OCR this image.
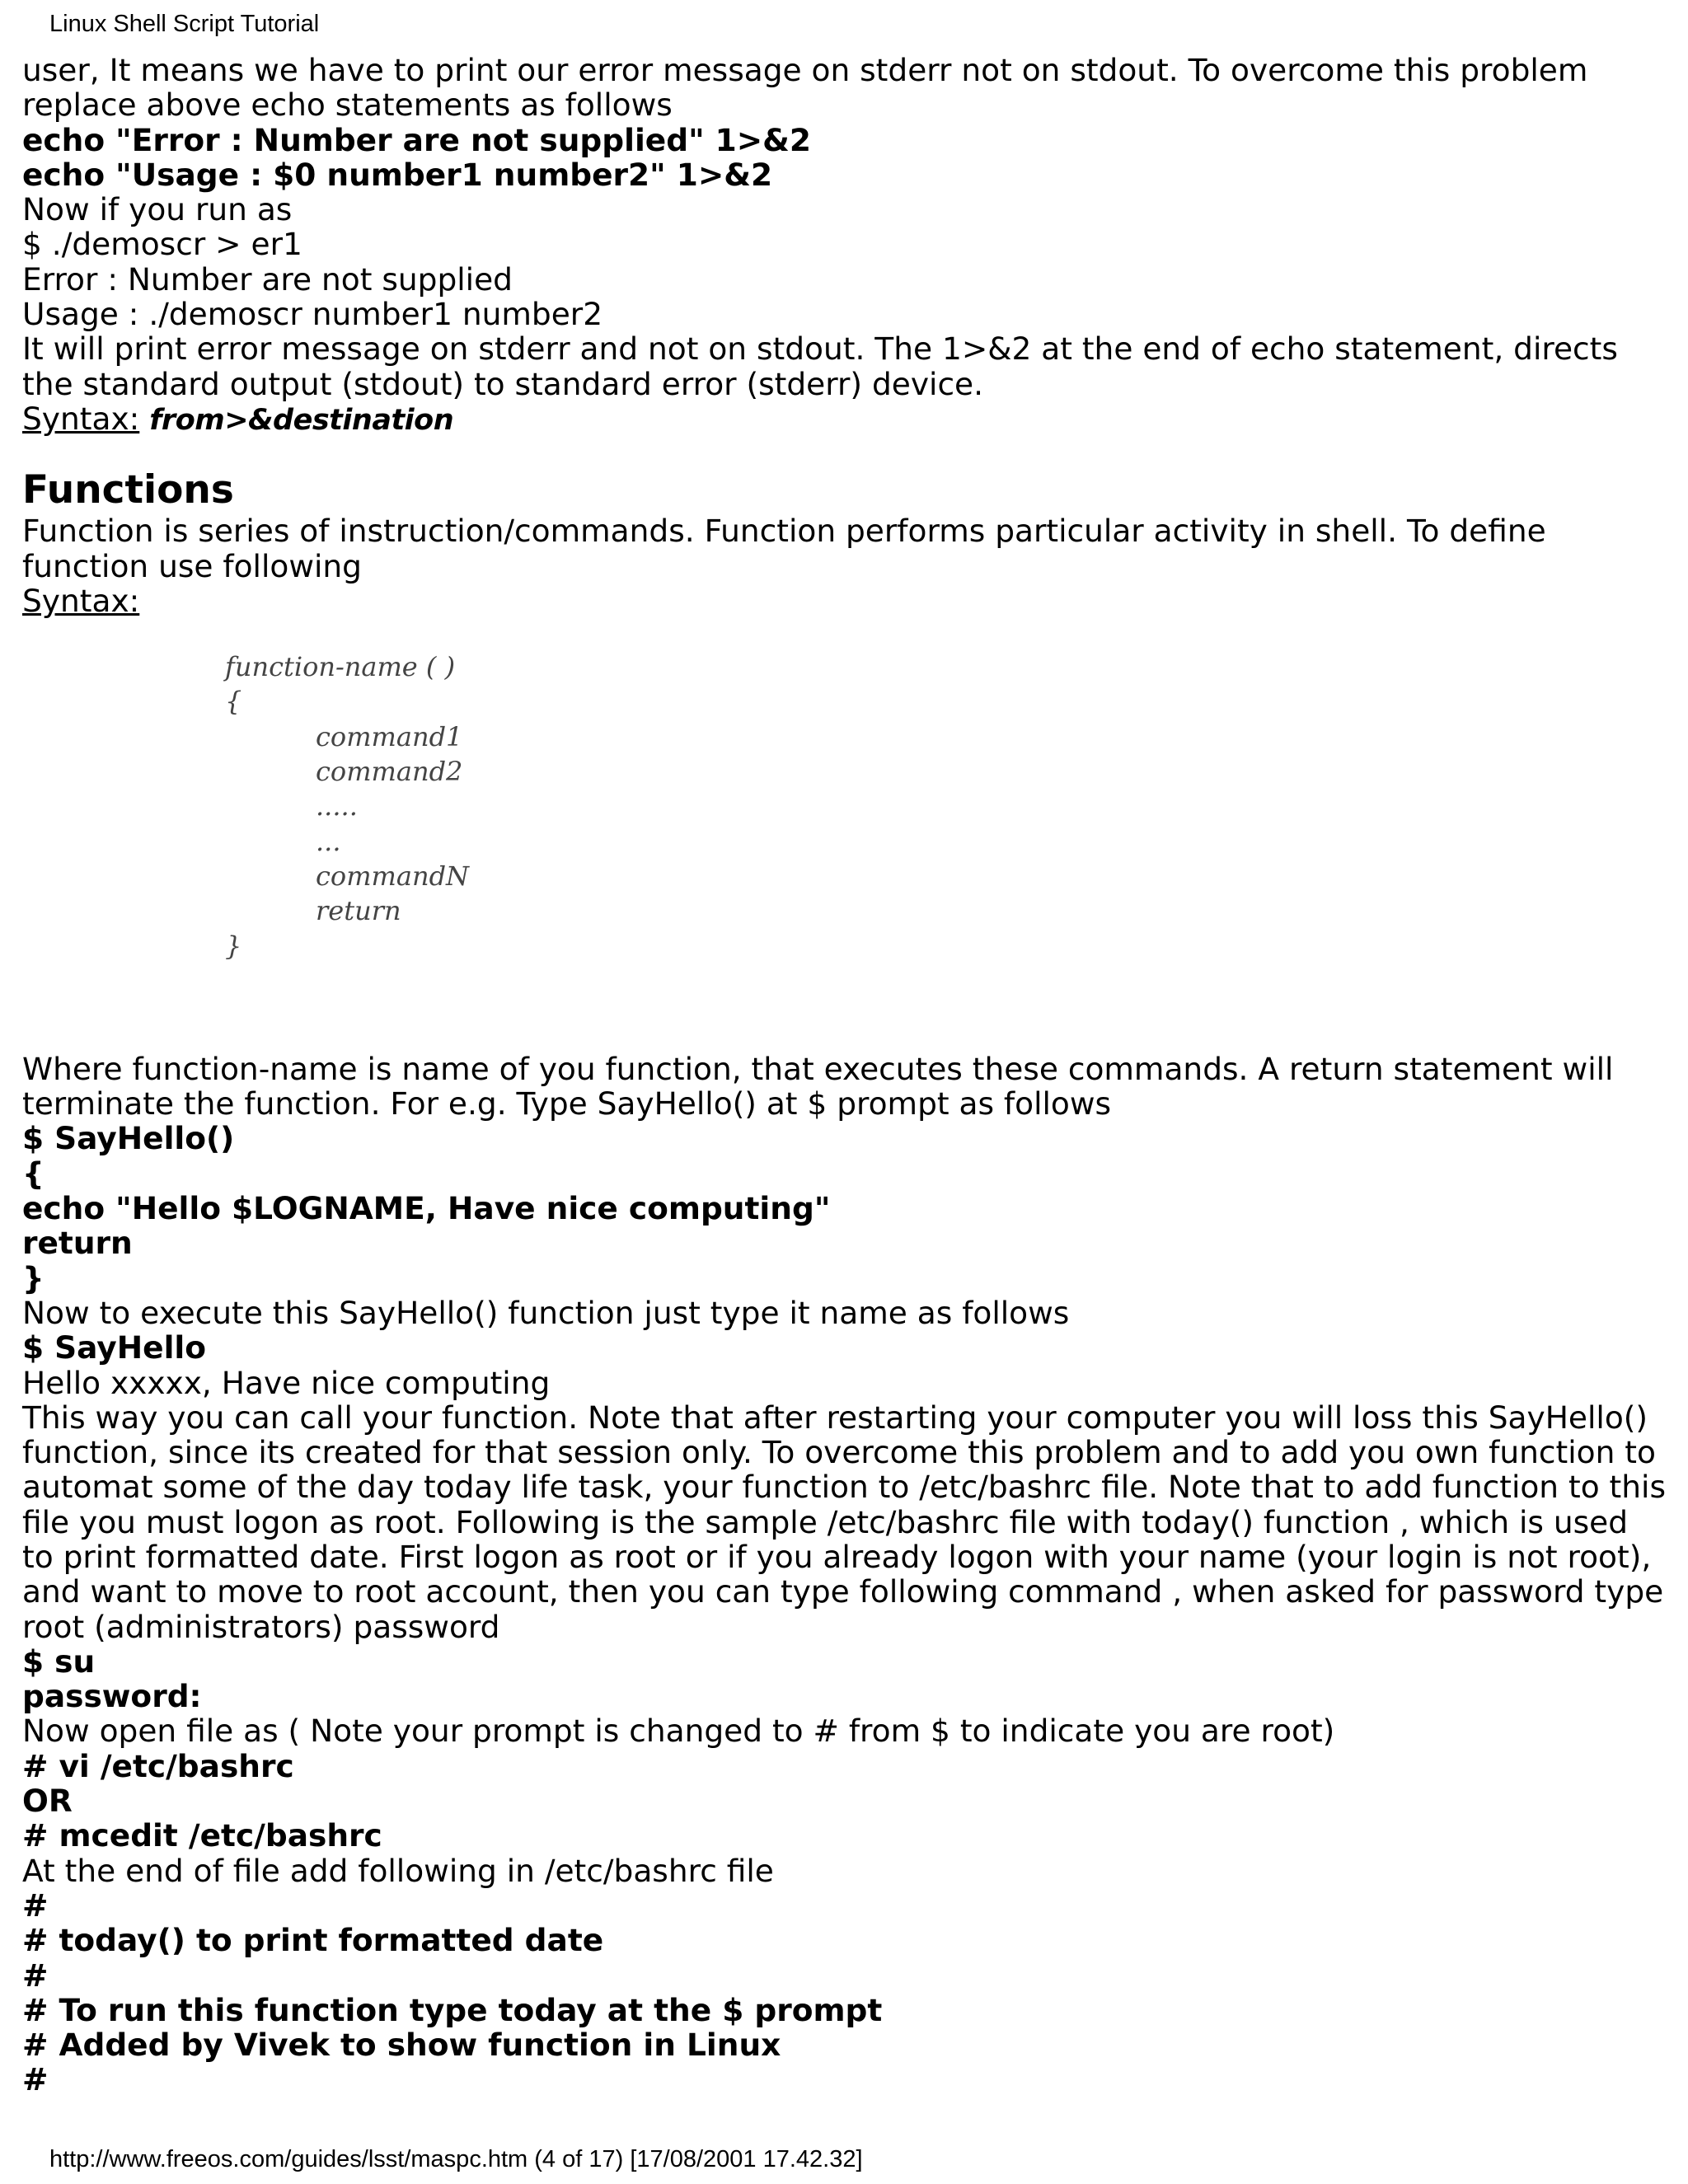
Linux Shell Script Tutorial
user, It means we have to print our error message on stderr not on stdout. To overcome this problem
replace above echo statements as follows
echo "Error : Number are not supplied" 1>&2
echo "Usage : $0 number1 number2" 1>&2
Now if you run as
$ ./demoscr > er1
Error : Number are not supplied
Usage : ./demoscr number1 number2
It will print error message on stderr and not on stdout. The 1>&2 at the end of echo statement, directs
the standard output (stdout) to standard error (stderr) device.
Syntax: from>&destination
Functions
Function is series of instruction/commands. Function performs particular activity in shell. To define
function use following
Syntax:
function-name ( )
{
command1
command2
.....
...
commandN
return
}
Where function-name is name of you function, that executes these commands. A return statement will
terminate the function. For e.g. Type SayHello() at $ prompt as follows
$ SayHello()
{
echo "Hello $LOGNAME, Have nice computing"
return
}
Now to execute this SayHello() function just type it name as follows
$ SayHello
Hello xxxxx, Have nice computing
This way you can call your function. Note that after restarting your computer you will loss this SayHello()
function, since its created for that session only. To overcome this problem and to add you own function to
automat some of the day today life task, your function to /etc/bashrc file. Note that to add function to this
file you must logon as root. Following is the sample /etc/bashrc file with today() function , which is used
to print formatted date. First logon as root or if you already logon with your name (your login is not root),
and want to move to root account, then you can type following command , when asked for password type
root (administrators) password
$ su
password:
Now open file as ( Note your prompt is changed to # from $ to indicate you are root)
# vi /etc/bashrc
OR
# mcedit /etc/bashrc
At the end of file add following in /etc/bashrc file
#
# today() to print formatted date
#
# To run this function type today at the $ prompt
# Added by Vivek to show function in Linux
#
http://www.freeos.com/guides/lsst/maspc.htm (4 of 17) [17/08/2001 17.42.32]
